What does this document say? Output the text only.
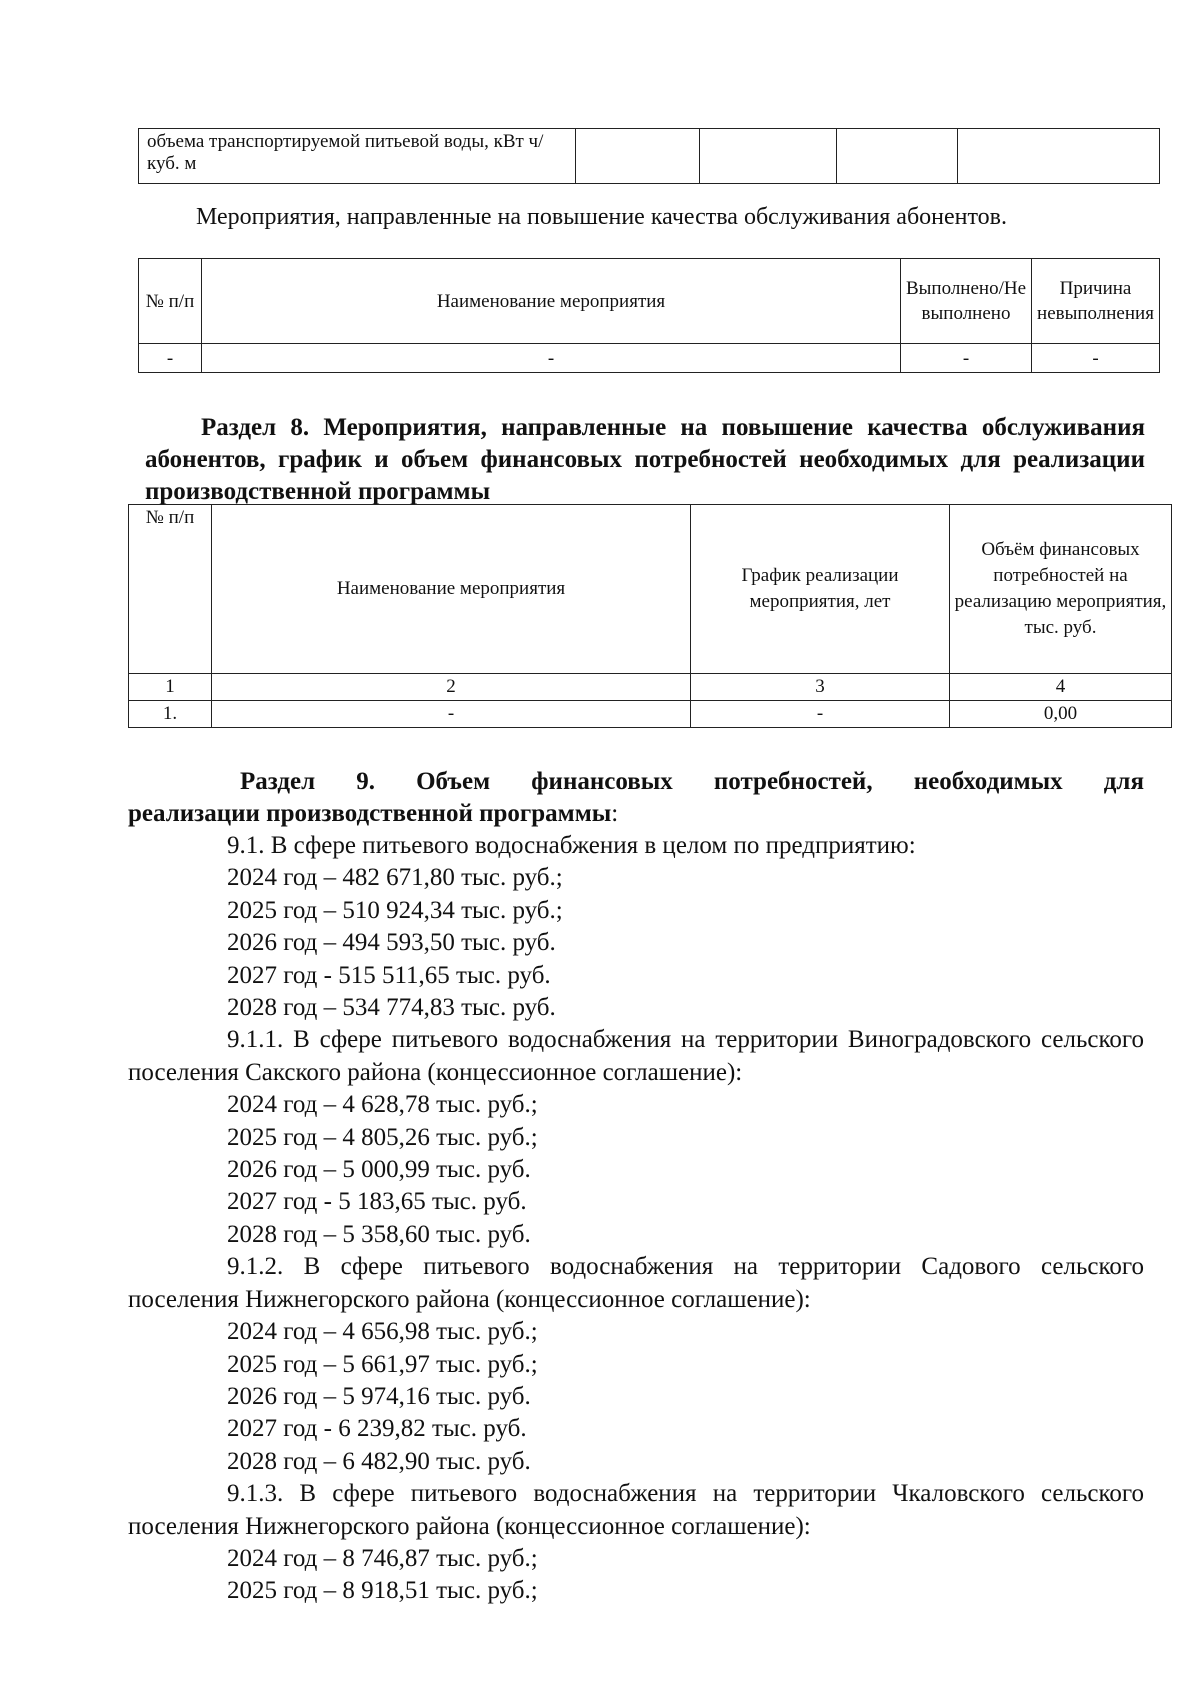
объема транспортируемой питьевой воды, кВт ч/куб. м				
Мероприятия, направленные на повышение качества обслуживания абонентов.
№ п/п	Наименование мероприятия	Выполнено/Не выполнено	Причина невыполнения
-	-	-	-
Раздел 8. Мероприятия, направленные на повышение качества обслуживания
абонентов, график и объем финансовых потребностей необходимых для реализации производственной программы
№ п/п	Наименование мероприятия	График реализации мероприятия, лет	Объём финансовых потребностей на реализацию мероприятия, тыс. руб.
1	2	3	4
1.	-	-	0,00
Раздел 9. Объем финансовых потребностей, необходимых для
реализации производственной программы:

9.1. В сфере питьевого водоснабжения в целом по предприятию:

2024 год – 482 671,80 тыс. руб.;

2025 год – 510 924,34 тыс. руб.;

2026 год – 494 593,50 тыс. руб.

2027 год - 515 511,65 тыс. руб.

2028 год – 534 774,83 тыс. руб.

9.1.1. В сфере питьевого водоснабжения на территории Виноградовского сельского поселения Сакского района (концессионное соглашение):

2024 год – 4 628,78 тыс. руб.;

2025 год – 4 805,26 тыс. руб.;

2026 год – 5 000,99 тыс. руб.

2027 год - 5 183,65 тыс. руб.

2028 год – 5 358,60 тыс. руб.

9.1.2. В сфере питьевого водоснабжения на территории Садового сельского поселения Нижнегорского района (концессионное соглашение):

2024 год – 4 656,98 тыс. руб.;

2025 год – 5 661,97 тыс. руб.;

2026 год – 5 974,16 тыс. руб.

2027 год - 6 239,82 тыс. руб.

2028 год – 6 482,90 тыс. руб.

9.1.3. В сфере питьевого водоснабжения на территории Чкаловского сельского поселения Нижнегорского района (концессионное соглашение):

2024 год – 8 746,87 тыс. руб.;

2025 год – 8 918,51 тыс. руб.;
